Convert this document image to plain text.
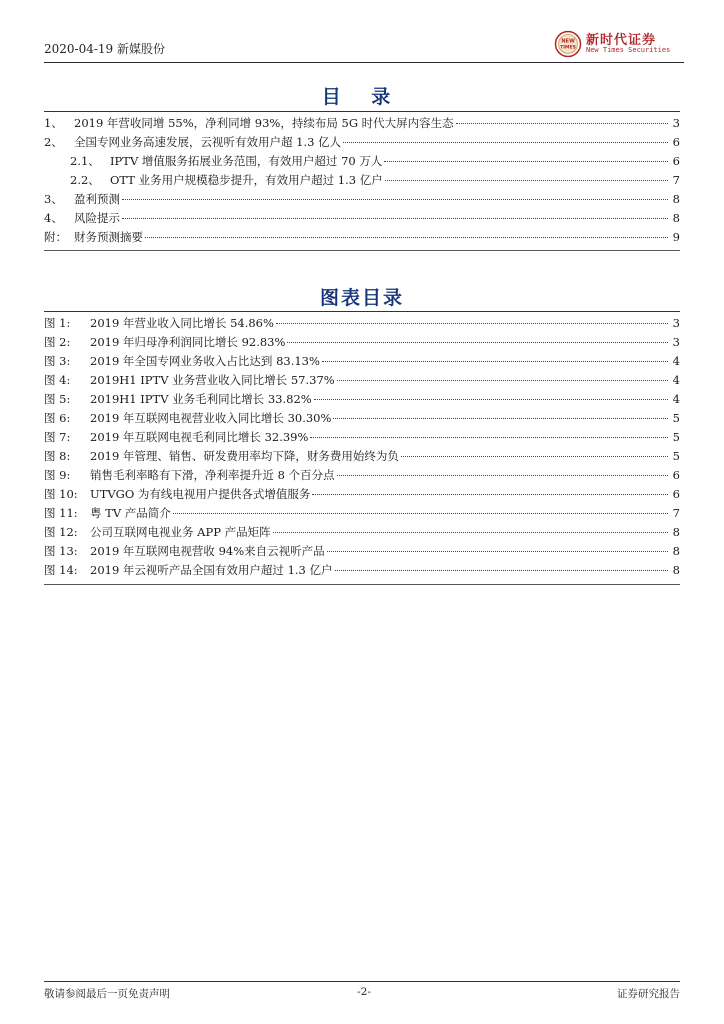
2020-04-19 新媒股份
NEW
TIMES 新时代证券
New Times Securities
目 录
1、 2019 年营收同增 55%，净利同增 93%，持续布局 5G 时代大屏内容生态	3
2、 全国专网业务高速发展，云视听有效用户超 1.3 亿人	6
2.1、 IPTV 增值服务拓展业务范围，有效用户超过 70 万人	6
2.2、 OTT 业务用户规模稳步提升，有效用户超过 1.3 亿户	7
3、 盈利预测	8
4、 风险提示	8
附： 财务预测摘要	9
图表目录
图 1:	2019 年营业收入同比增长 54.86%	3
图 2:	2019 年归母净利润同比增长 92.83%	3
图 3:	2019 年全国专网业务收入占比达到 83.13%	4
图 4:	2019H1 IPTV 业务营业收入同比增长 57.37%	4
图 5:	2019H1 IPTV 业务毛利同比增长 33.82%	4
图 6:	2019 年互联网电视营业收入同比增长 30.30%	5
图 7:	2019 年互联网电视毛利同比增长 32.39%	5
图 8:	2019 年管理、销售、研发费用率均下降，财务费用始终为负	5
图 9:	销售毛利率略有下滑，净利率提升近 8 个百分点	6
图 10:	UTVGO 为有线电视用户提供各式增值服务	6
图 11:	粤 TV 产品简介	7
图 12:	公司互联网电视业务 APP 产品矩阵	8
图 13:	2019 年互联网电视营收 94%来自云视听产品	8
图 14:	2019 年云视听产品全国有效用户超过 1.3 亿户	8
敬请参阅最后一页免责声明	-2-	证券研究报告
